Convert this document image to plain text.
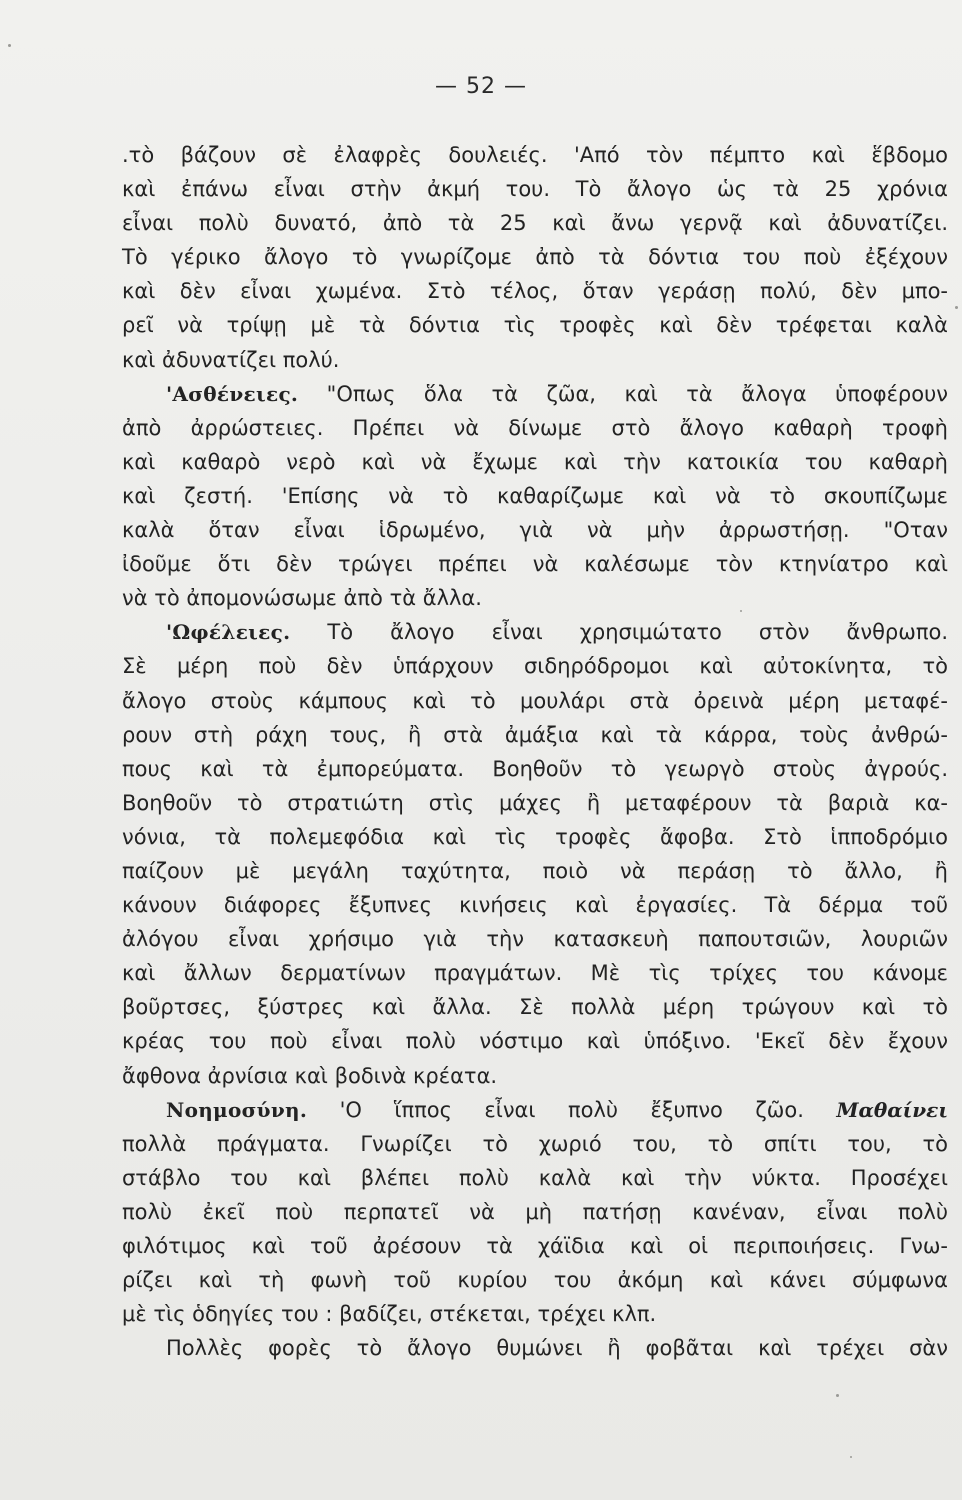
— 52 —
.τὸ βάζουν σὲ ἐλαφρὲς δουλειές. 'Από τὸν πέμπτο καὶ ἕβδομο
καὶ ἐπάνω εἶναι στὴν ἀκμή του. Τὸ ἄλογο ὡς τὰ 25 χρόνια
εἶναι πολὺ δυνατό, ἀπὸ τὰ 25 καὶ ἄνω γερνᾷ καὶ ἀδυνατίζει.
Τὸ γέρικο ἄλογο τὸ γνωρίζομε ἀπὸ τὰ δόντια του ποὺ ἐξέχουν
καὶ δὲν εἶναι χωμένα. Στὸ τέλος, ὅταν γεράσῃ πολύ, δὲν μπο-
ρεῖ νὰ τρίψῃ μὲ τὰ δόντια τὶς τροφὲς καὶ δὲν τρέφεται καλὰ
καὶ ἀδυνατίζει πολύ.
'Ασθένειες. "Οπως ὅλα τὰ ζῶα, καὶ τὰ ἄλογα ὑποφέρουν
ἀπὸ ἀρρώστειες. Πρέπει νὰ δίνωμε στὸ ἄλογο καθαρὴ τροφὴ
καὶ καθαρὸ νερὸ καὶ νὰ ἔχωμε καὶ τὴν κατοικία του καθαρὴ
καὶ ζεστή. 'Επίσης νὰ τὸ καθαρίζωμε καὶ νὰ τὸ σκουπίζωμε
καλὰ ὅταν εἶναι ἱδρωμένο, γιὰ νὰ μὴν ἀρρωστήσῃ. "Οταν
ἰδοῦμε ὅτι δὲν τρώγει πρέπει νὰ καλέσωμε τὸν κτηνίατρο καὶ
νὰ τὸ ἀπομονώσωμε ἀπὸ τὰ ἄλλα.
'Ωφέλειες. Τὸ ἄλογο εἶναι χρησιμώτατο στὸν ἄνθρωπο.
Σὲ μέρη ποὺ δὲν ὑπάρχουν σιδηρόδρομοι καὶ αὐτοκίνητα, τὸ
ἄλογο στοὺς κάμπους καὶ τὸ μουλάρι στὰ ὀρεινὰ μέρη μεταφέ-
ρουν στὴ ράχη τους, ἢ στὰ ἀμάξια καὶ τὰ κάρρα, τοὺς ἀνθρώ-
πους καὶ τὰ ἐμπορεύματα. Βοηθοῦν τὸ γεωργὸ στοὺς ἀγρούς.
Βοηθοῦν τὸ στρατιώτη στὶς μάχες ἢ μεταφέρουν τὰ βαριὰ κα-
νόνια, τὰ πολεμεφόδια καὶ τὶς τροφὲς ἄφοβα. Στὸ ἱπποδρόμιο
παίζουν μὲ μεγάλη ταχύτητα, ποιὸ νὰ περάσῃ τὸ ἄλλο, ἢ
κάνουν διάφορες ἔξυπνες κινήσεις καὶ ἐργασίες. Τὰ δέρμα τοῦ
ἀλόγου εἶναι χρήσιμο γιὰ τὴν κατασκευὴ παπουτσιῶν, λουριῶν
καὶ ἄλλων δερματίνων πραγμάτων. Μὲ τὶς τρίχες του κάνομε
βοῦρτσες, ξύστρες καὶ ἄλλα. Σὲ πολλὰ μέρη τρώγουν καὶ τὸ
κρέας του ποὺ εἶναι πολὺ νόστιμο καὶ ὑπόξινο. 'Εκεῖ δὲν ἔχουν
ἄφθονα ἀρνίσια καὶ βοδινὰ κρέατα.
Νοημοσύνη. 'Ο ἵππος εἶναι πολὺ ἔξυπνο ζῶο. Μαθαίνει
πολλὰ πράγματα. Γνωρίζει τὸ χωριό του, τὸ σπίτι του, τὸ
στάβλο του καὶ βλέπει πολὺ καλὰ καὶ τὴν νύκτα. Προσέχει
πολὺ ἐκεῖ ποὺ περπατεῖ νὰ μὴ πατήσῃ κανέναν, εἶναι πολὺ
φιλότιμος καὶ τοῦ ἀρέσουν τὰ χάϊδια καὶ οἱ περιποιήσεις. Γνω-
ρίζει καὶ τὴ φωνὴ τοῦ κυρίου του ἀκόμη καὶ κάνει σύμφωνα
μὲ τὶς ὁδηγίες του : βαδίζει, στέκεται, τρέχει κλπ.
Πολλὲς φορὲς τὸ ἄλογο θυμώνει ἢ φοβᾶται καὶ τρέχει σὰν
